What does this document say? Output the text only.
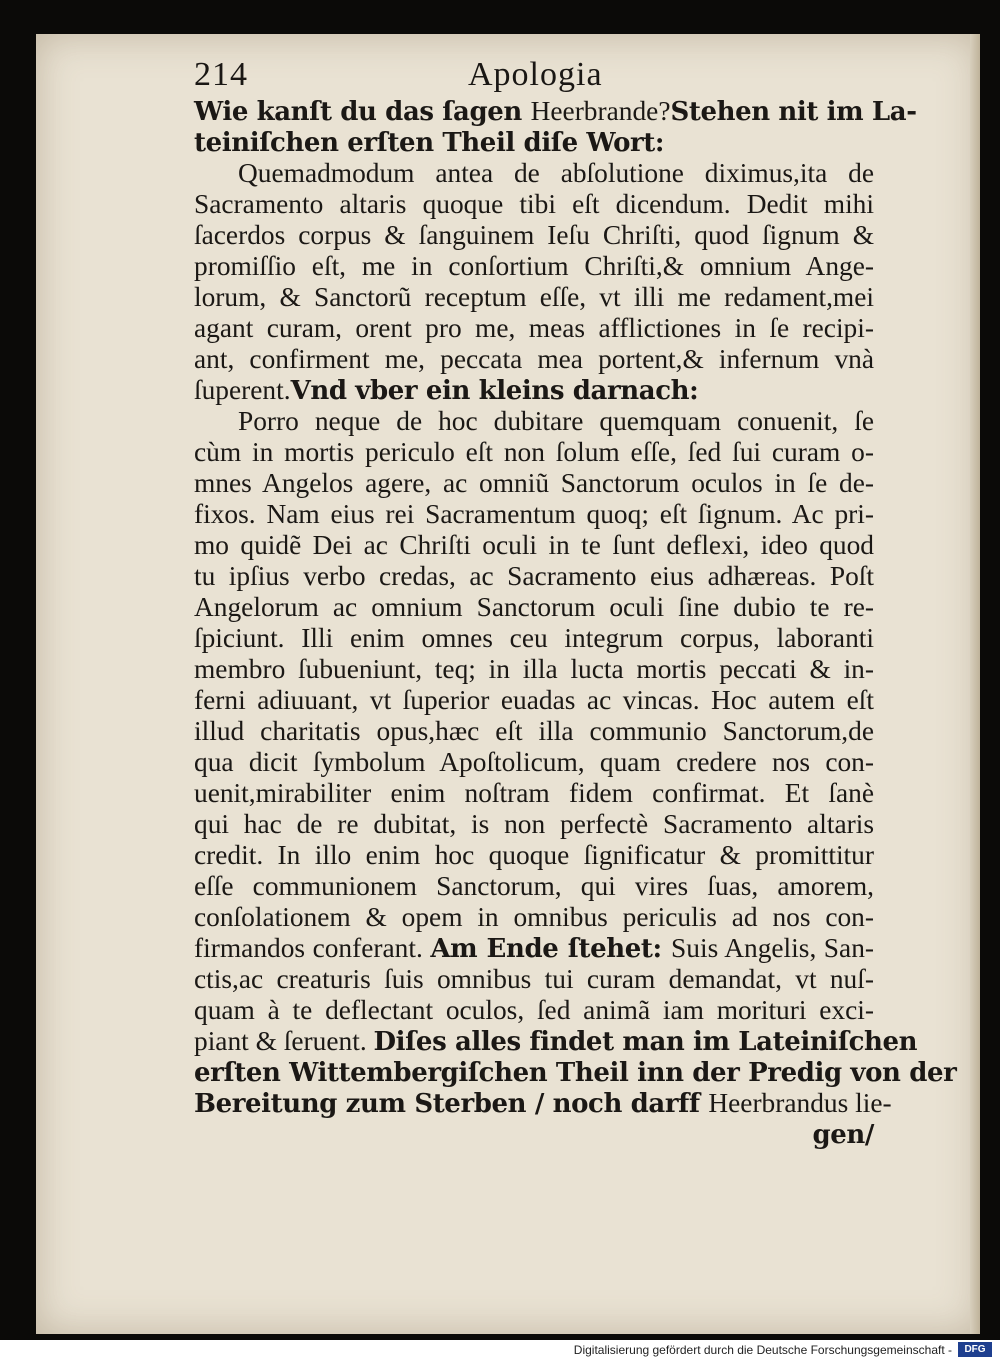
214	Apologia
Wie kanſt du das ſagen Heerbrande?Stehen nit im La-
teiniſchen erſten Theil diſe Wort:
Quemadmodum antea de abſolutione diximus,ita de
Sacramento altaris quoque tibi eſt dicendum. Dedit mihi
ſacerdos corpus & ſanguinem Ieſu Chriſti, quod ſignum &
promiſſio eſt, me in conſortium Chriſti,& omnium Ange-
lorum, & Sanctorũ receptum eſſe, vt illi me redament,mei
agant curam, orent pro me, meas afflictiones in ſe recipi-
ant, confirment me, peccata mea portent,& infernum vnà
ſuperent.Vnd vber ein kleins darnach:
Porro neque de hoc dubitare quemquam conuenit, ſe
cùm in mortis periculo eſt non ſolum eſſe, ſed ſui curam o-
mnes Angelos agere, ac omniũ Sanctorum oculos in ſe de-
fixos. Nam eius rei Sacramentum quoq; eſt ſignum. Ac pri-
mo quidẽ Dei ac Chriſti oculi in te ſunt deflexi, ideo quod
tu ipſius verbo credas, ac Sacramento eius adhæreas. Poſt
Angelorum ac omnium Sanctorum oculi ſine dubio te re-
ſpiciunt. Illi enim omnes ceu integrum corpus, laboranti
membro ſubueniunt, teq; in illa lucta mortis peccati & in-
ferni adiuuant, vt ſuperior euadas ac vincas. Hoc autem eſt
illud charitatis opus,hæc eſt illa communio Sanctorum,de
qua dicit ſymbolum Apoſtolicum, quam credere nos con-
uenit,mirabiliter enim noſtram fidem confirmat. Et ſanè
qui hac de re dubitat, is non perfectè Sacramento altaris
credit. In illo enim hoc quoque ſignificatur & promittitur
eſſe communionem Sanctorum, qui vires ſuas, amorem,
conſolationem & opem in omnibus periculis ad nos con-
firmandos conferant. Am Ende ſtehet: Suis Angelis, San-
ctis,ac creaturis ſuis omnibus tui curam demandat, vt nuſ-
quam à te deflectant oculos, ſed animã iam morituri exci-
piant & ſeruent. Diſes alles findet man im Lateiniſchen
erſten Wittembergiſchen Theil inn der Predig von der
Bereitung zum Sterben / noch darff Heerbrandus lie-
gen/
Digitalisierung gefördert durch die Deutsche Forschungsgemeinschaft -	DFG
